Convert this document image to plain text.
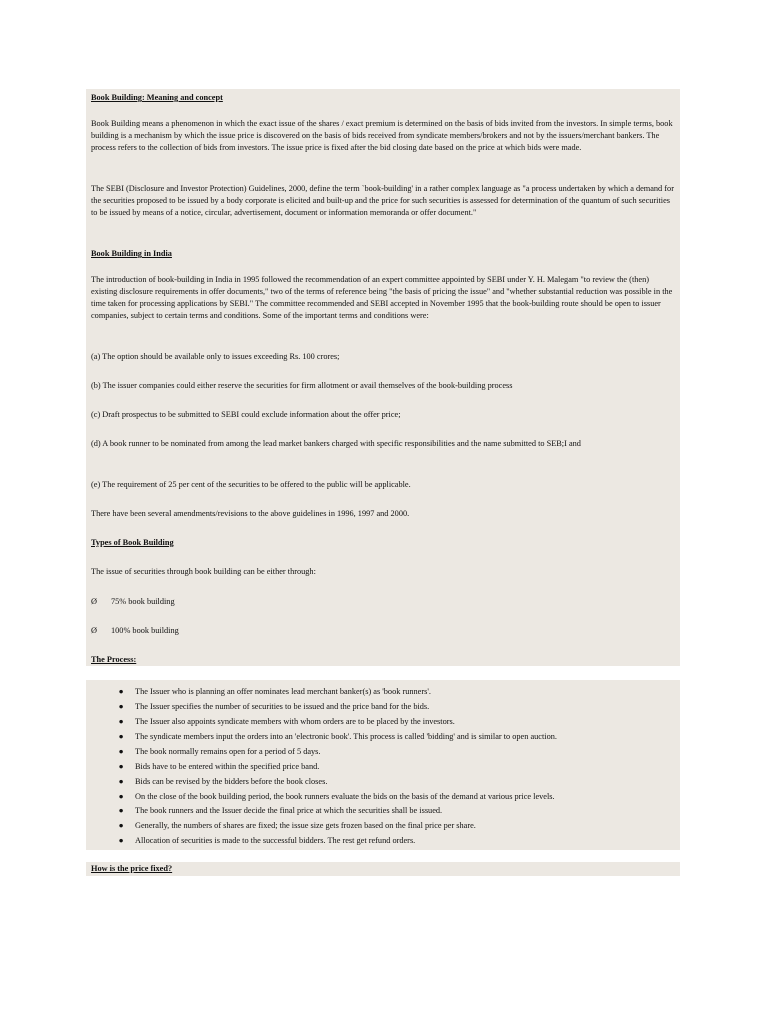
Book Building: Meaning and concept

Book Building means a phenomenon in which the exact issue of the shares / exact premium is determined on the basis of bids invited from the investors. In simple terms, book building is a mechanism by which the issue price is discovered on the basis of bids received from syndicate members/brokers and not by the issuers/merchant bankers. The process refers to the collection of bids from investors. The issue price is fixed after the bid closing date based on the price at which bids were made.

The SEBI (Disclosure and Investor Protection) Guidelines, 2000, define the term `book-building' in a rather complex language as "a process undertaken by which a demand for the securities proposed to be issued by a body corporate is elicited and built-up and the price for such securities is assessed for determination of the quantum of such securities to be issued by means of a notice, circular, advertisement, document or information memoranda or offer document."

Book Building in India

The introduction of book-building in India in 1995 followed the recommendation of an expert committee appointed by SEBI under Y. H. Malegam "to review the (then) existing disclosure requirements in offer documents," two of the terms of reference being "the basis of pricing the issue" and "whether substantial reduction was possible in the time taken for processing applications by SEBI." The committee recommended and SEBI accepted in November 1995 that the book-building route should be open to issuer companies, subject to certain terms and conditions. Some of the important terms and conditions were:

(a) The option should be available only to issues exceeding Rs. 100 crores;

(b) The issuer companies could either reserve the securities for firm allotment or avail themselves of the book-building process

(c) Draft prospectus to be submitted to SEBI could exclude information about the offer price;

(d) A book runner to be nominated from among the lead market bankers charged with specific responsibilities and the name submitted to SEB;I and

(e) The requirement of 25 per cent of the securities to be offered to the public will be applicable.

There have been several amendments/revisions to the above guidelines in 1996, 1997 and 2000.

Types of Book Building

The issue of securities through book building can be either through:

Ø 75% book building

Ø 100% book building

The Process:

●	The Issuer who is planning an offer nominates lead merchant banker(s) as 'book runners'.
●	The Issuer specifies the number of securities to be issued and the price band for the bids.
●	The Issuer also appoints syndicate members with whom orders are to be placed by the investors.
●	The syndicate members input the orders into an 'electronic book'. This process is called 'bidding' and is similar to open auction.
●	The book normally remains open for a period of 5 days.
●	Bids have to be entered within the specified price band.
●	Bids can be revised by the bidders before the book closes.
●	On the close of the book building period, the book runners evaluate the bids on the basis of the demand at various price levels.
●	The book runners and the Issuer decide the final price at which the securities shall be issued.
●	Generally, the numbers of shares are fixed; the issue size gets frozen based on the final price per share.
●	Allocation of securities is made to the successful bidders. The rest get refund orders.

How is the price fixed?
